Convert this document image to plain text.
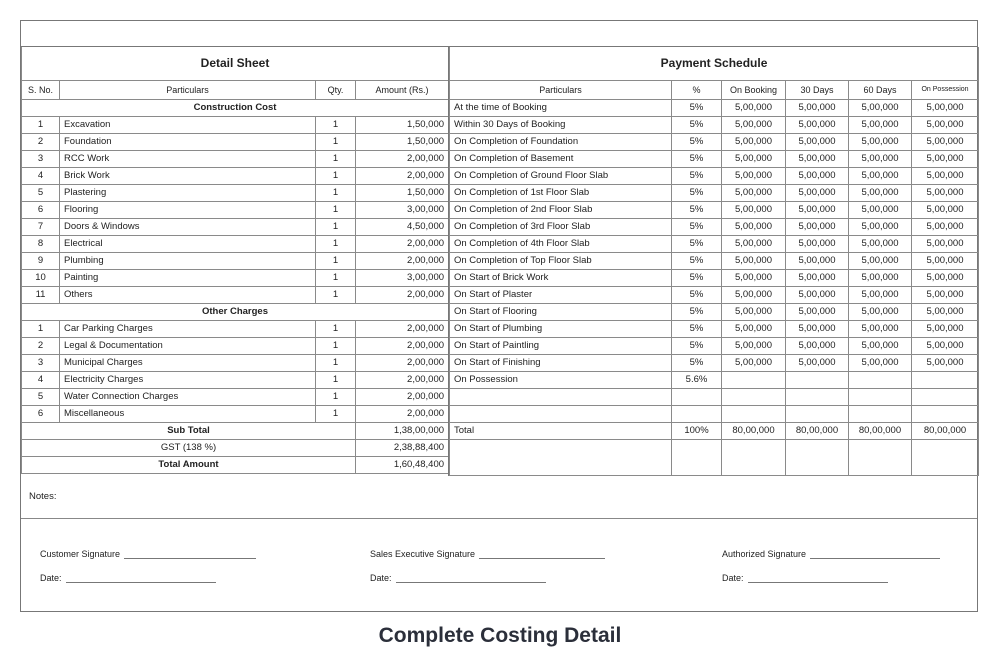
Detail Sheet			
S. No.	Particulars	Qty.	Amount (Rs.)
Construction Cost			
1	Excavation	1	1,50,000
2	Foundation	1	1,50,000
3	RCC Work	1	2,00,000
4	Brick Work	1	2,00,000
5	Plastering	1	1,50,000
6	Flooring	1	3,00,000
7	Doors & Windows	1	4,50,000
8	Electrical	1	2,00,000
9	Plumbing	1	2,00,000
10	Painting	1	3,00,000
11	Others	1	2,00,000
Other Charges			
1	Car Parking Charges	1	2,00,000
2	Legal & Documentation	1	2,00,000
3	Municipal Charges	1	2,00,000
4	Electricity Charges	1	2,00,000
5	Water Connection Charges	1	2,00,000
6	Miscellaneous	1	2,00,000
Sub Total			1,38,00,000
GST (138 %)			2,38,88,400
Total Amount			1,60,48,400
Payment Schedule					
Particulars	%	On Booking	30 Days	60 Days	On Possession
At the time of Booking	5%	5,00,000	5,00,000	5,00,000	5,00,000
Within 30 Days of Booking	5%	5,00,000	5,00,000	5,00,000	5,00,000
On Completion of Foundation	5%	5,00,000	5,00,000	5,00,000	5,00,000
On Completion of Basement	5%	5,00,000	5,00,000	5,00,000	5,00,000
On Completion of Ground Floor Slab	5%	5,00,000	5,00,000	5,00,000	5,00,000
On Completion of 1st Floor Slab	5%	5,00,000	5,00,000	5,00,000	5,00,000
On Completion of 2nd Floor Slab	5%	5,00,000	5,00,000	5,00,000	5,00,000
On Completion of 3rd Floor Slab	5%	5,00,000	5,00,000	5,00,000	5,00,000
On Completion of 4th Floor Slab	5%	5,00,000	5,00,000	5,00,000	5,00,000
On Completion of Top Floor Slab	5%	5,00,000	5,00,000	5,00,000	5,00,000
On Start of Brick Work	5%	5,00,000	5,00,000	5,00,000	5,00,000
On Start of Plaster	5%	5,00,000	5,00,000	5,00,000	5,00,000
On Start of Flooring	5%	5,00,000	5,00,000	5,00,000	5,00,000
On Start of Plumbing	5%	5,00,000	5,00,000	5,00,000	5,00,000
On Start of Paintling	5%	5,00,000	5,00,000	5,00,000	5,00,000
On Start of Finishing	5%	5,00,000	5,00,000	5,00,000	5,00,000
On Possession	5.6%				

Total	100%	80,00,000	80,00,000	80,00,000	80,00,000

Notes:
Customer Signature
Date:
Sales Executive Signature
Date:
Authorized Signature
Date:
Complete Costing Detail
